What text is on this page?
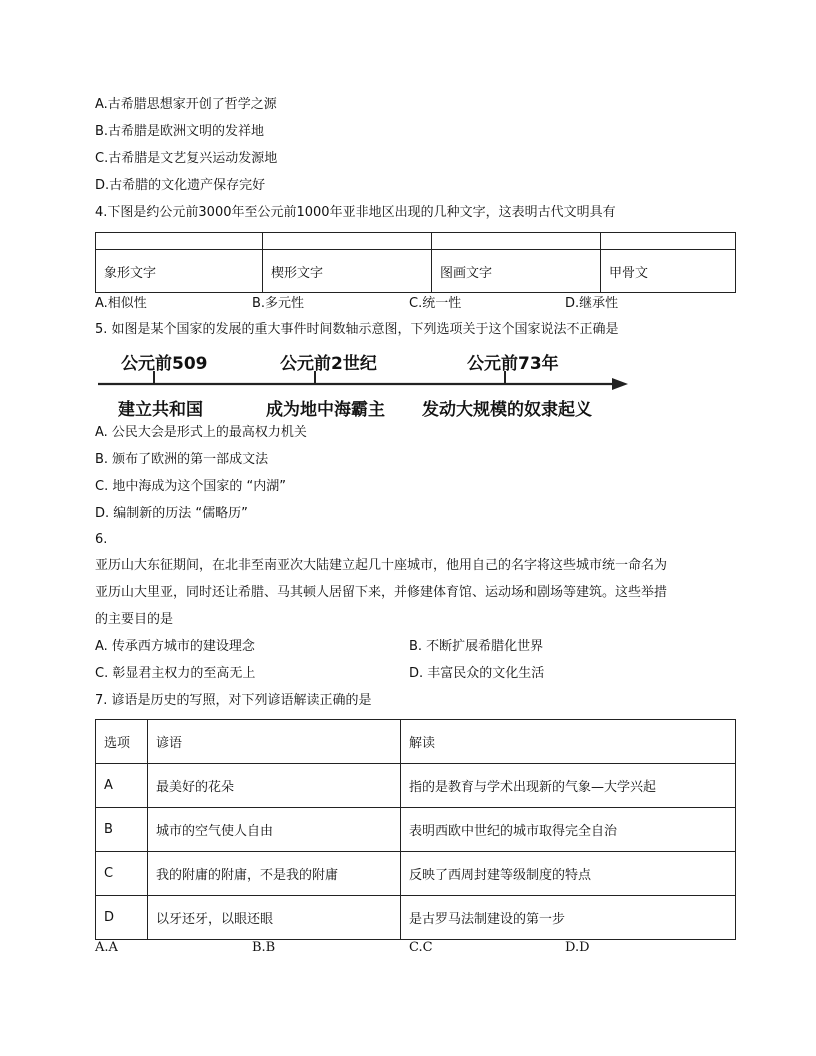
A.古希腊思想家开创了哲学之源
B.古希腊是欧洲文明的发祥地
C.古希腊是文艺复兴运动发源地
D.古希腊的文化遗产保存完好
4.下图是约公元前3000年至公元前1000年亚非地区出现的几种文字，这表明古代文明具有

象形文字	楔形文字	图画文字	甲骨文
A.相似性	B.多元性	C.统一性	D.继承性
5. 如图是某个国家的发展的重大事件时间数轴示意图，下列选项关于这个国家说法不正确是
公元前509	公元前2世纪	公元前73年
建立共和国	成为地中海霸主 发动大规模的奴隶起义
A. 公民大会是形式上的最高权力机关
B. 颁布了欧洲的第一部成文法
C. 地中海成为这个国家的 “内湖”
D. 编制新的历法 “儒略历”
6.
亚历山大东征期间，在北非至南亚次大陆建立起几十座城市，他用自己的名字将这些城市统一命名为
亚历山大里亚，同时还让希腊、马其顿人居留下来，并修建体育馆、运动场和剧场等建筑。这些举措
的主要目的是
A. 传承西方城市的建设理念	B. 不断扩展希腊化世界
C. 彰显君主权力的至高无上	D. 丰富民众的文化生活
7. 谚语是历史的写照，对下列谚语解读正确的是
选项	谚语	解读
A	最美好的花朵	指的是教育与学术出现新的气象—大学兴起
B	城市的空气使人自由	表明西欧中世纪的城市取得完全自治
C	我的附庸的附庸，不是我的附庸	反映了西周封建等级制度的特点
D	以牙还牙，以眼还眼	是古罗马法制建设的第一步
A.A	B.B	C.C	D.D
